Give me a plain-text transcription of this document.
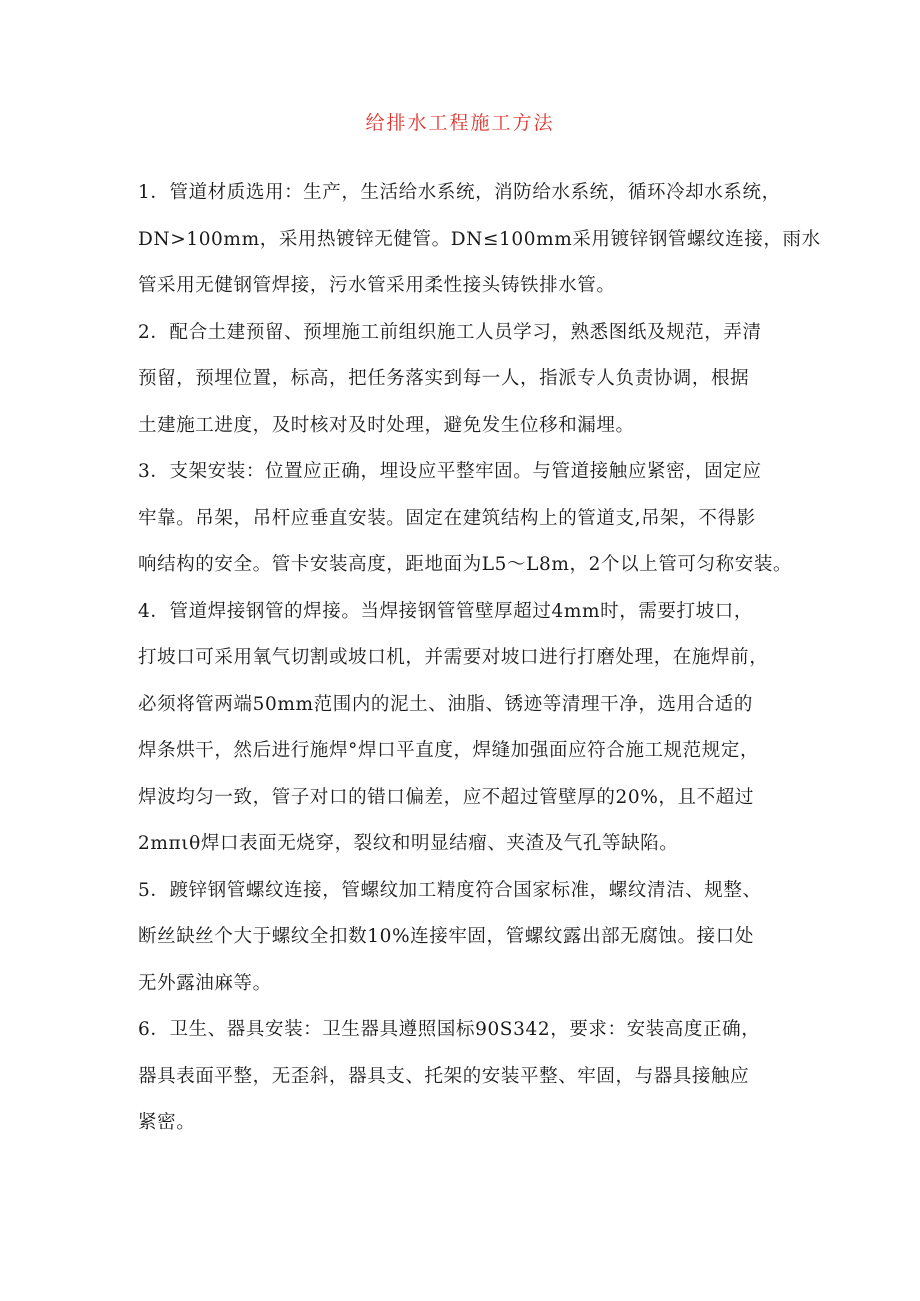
给排水工程施工方法
1．管道材质选用：生产，生活给水系统，消防给水系统，循环冷却水系统，
DN>100mm，采用热镀锌无健管。DN≤100mm采用镀锌钢管螺纹连接，雨水
管采用无健钢管焊接，污水管采用柔性接头铸铁排水管。
2．配合土建预留、预埋施工前组织施工人员学习，熟悉图纸及规范，弄清
预留，预埋位置，标高，把任务落实到每一人，指派专人负责协调，根据
土建施工进度，及时核对及时处理，避免发生位移和漏埋。
3．支架安装：位置应正确，埋设应平整牢固。与管道接触应紧密，固定应
牢靠。吊架，吊杆应垂直安装。固定在建筑结构上的管道支,吊架，不得影
响结构的安全。管卡安装高度，距地面为L5～L8m，2个以上管可匀称安装。
4．管道焊接钢管的焊接。当焊接钢管管壁厚超过4mm时，需要打坡口，
打坡口可采用氧气切割或坡口机，并需要对坡口进行打磨处理，在施焊前，
必须将管两端50mm范围内的泥土、油脂、锈迹等清理干净，选用合适的
焊条烘干，然后进行施焊°焊口平直度，焊缝加强面应符合施工规范规定，
焊波均匀一致，管子对口的错口偏差，应不超过管壁厚的20%，且不超过
2mπιθ焊口表面无烧穿，裂纹和明显结瘤、夹渣及气孔等缺陷。
5．踱锌钢管螺纹连接，管螺纹加工精度符合国家标准，螺纹清洁、规整、
断丝缺丝个大于螺纹全扣数10%连接牢固，管螺纹露出部无腐蚀。接口处
无外露油麻等。
6．卫生、器具安装：卫生器具遵照国标90S342，要求：安装高度正确，
器具表面平整，无歪斜，器具支、托架的安装平整、牢固，与器具接触应
紧密。
